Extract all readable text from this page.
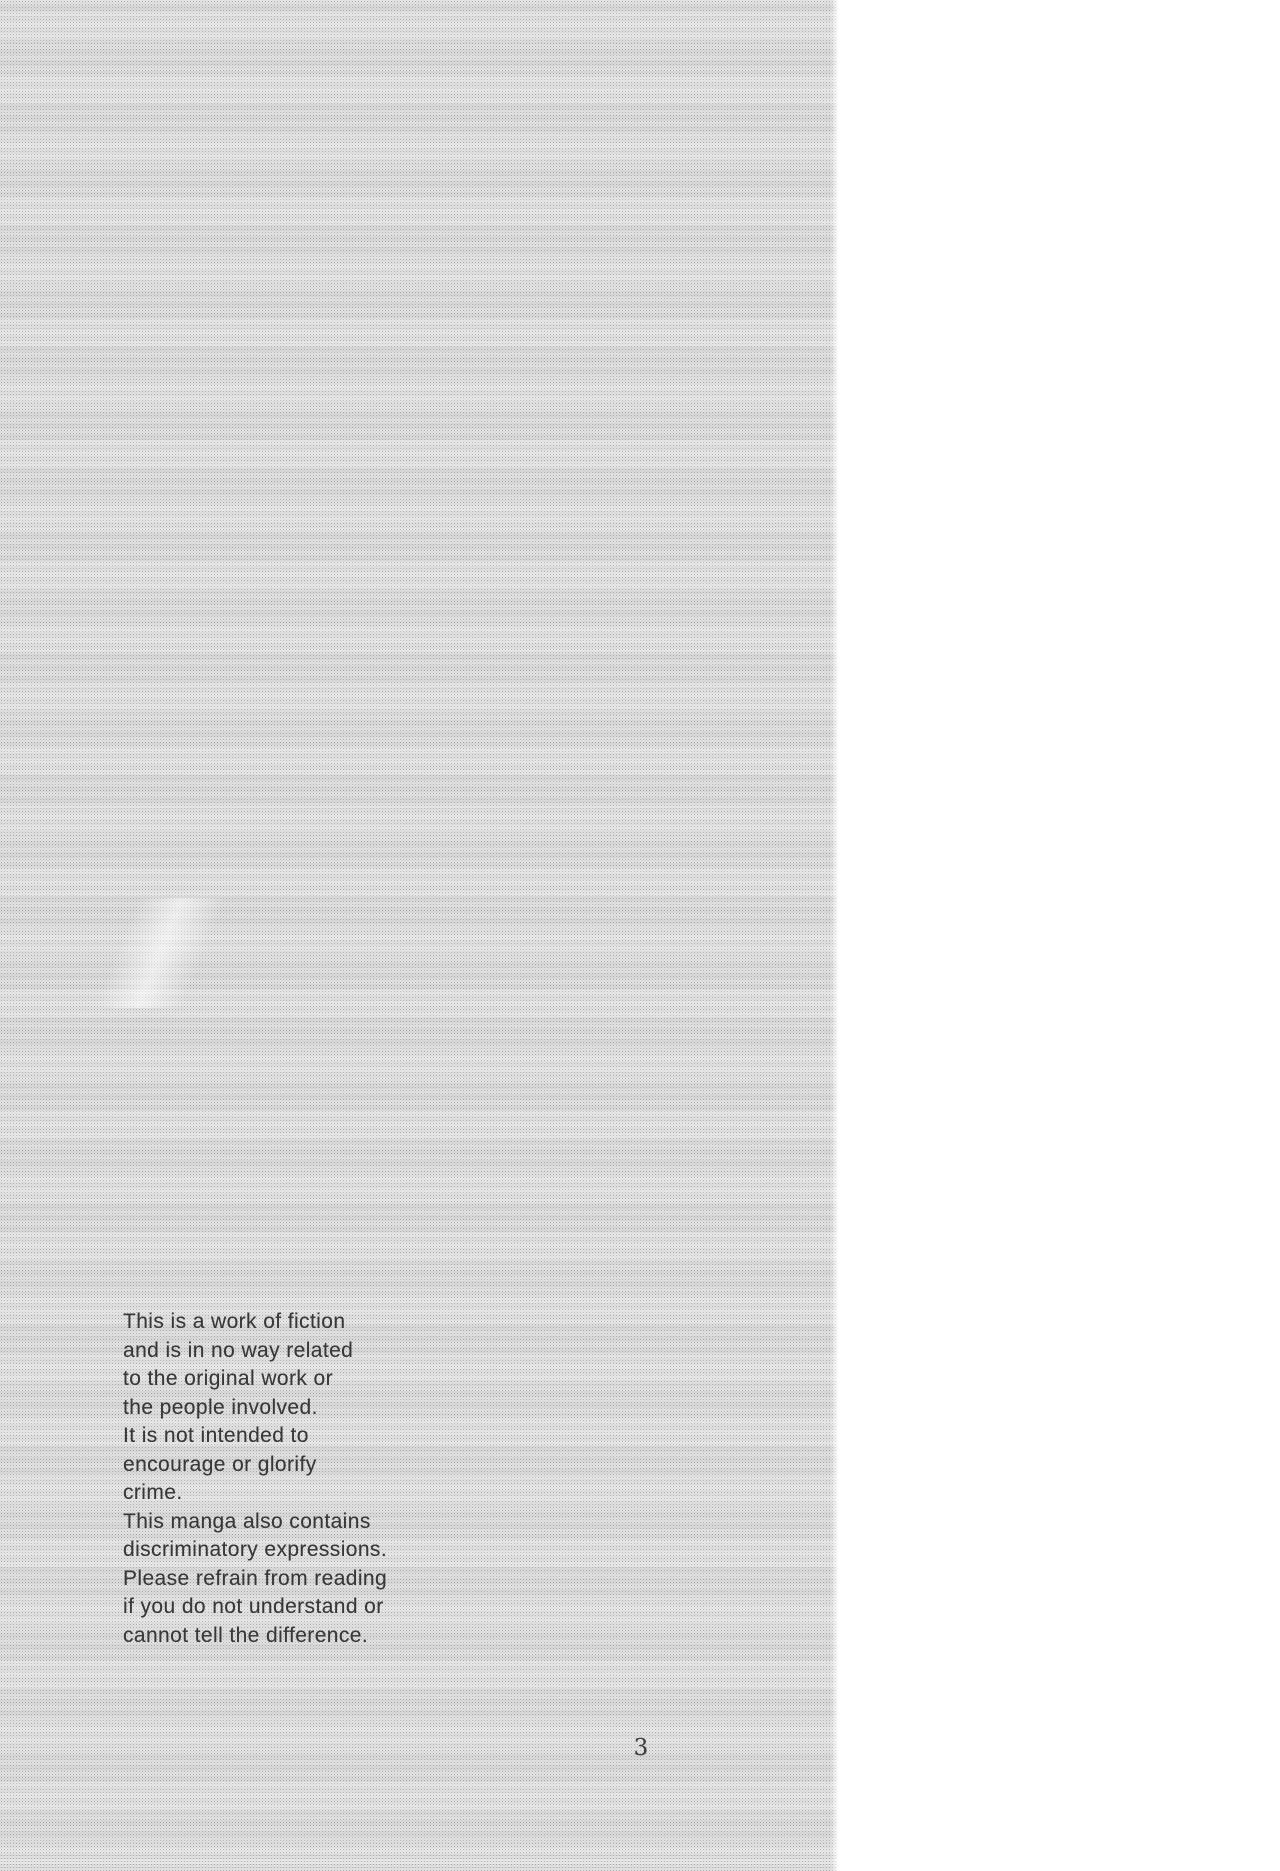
This is a work of fiction
and is in no way related
to the original work or
the people involved.
It is not intended to
encourage or glorify
crime.
This manga also contains
discriminatory expressions.
Please refrain from reading
if you do not understand or
cannot tell the difference.
3
